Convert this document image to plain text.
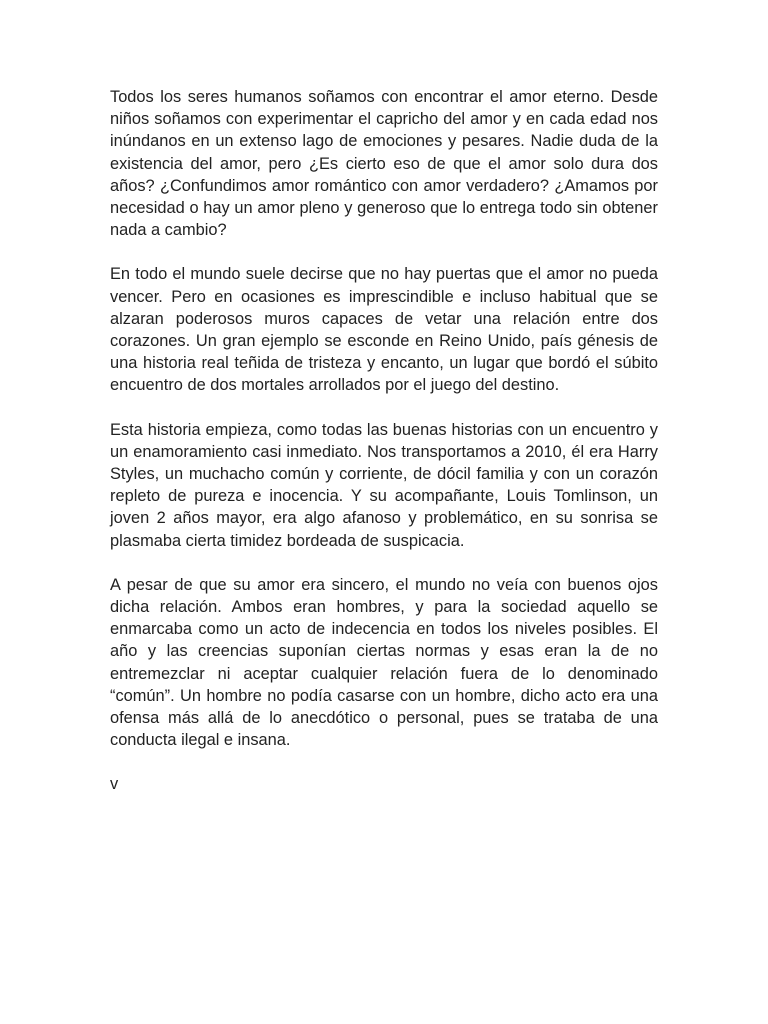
Todos los seres humanos soñamos con encontrar el amor eterno. Desde niños soñamos con experimentar el capricho del amor y en cada edad nos inúndanos en un extenso lago de emociones y pesares. Nadie duda de la existencia del amor, pero ¿Es cierto eso de que el amor solo dura dos años? ¿Confundimos amor romántico con amor verdadero? ¿Amamos por necesidad o hay un amor pleno y generoso que lo entrega todo sin obtener nada a cambio?

En todo el mundo suele decirse que no hay puertas que el amor no pueda vencer. Pero en ocasiones es imprescindible e incluso habitual que se alzaran poderosos muros capaces de vetar una relación entre dos corazones. Un gran ejemplo se esconde en Reino Unido, país génesis de una historia real teñida de tristeza y encanto, un lugar que bordó el súbito encuentro de dos mortales arrollados por el juego del destino.

Esta historia empieza, como todas las buenas historias con un encuentro y un enamoramiento casi inmediato. Nos transportamos a 2010, él era Harry Styles, un muchacho común y corriente, de dócil familia y con un corazón repleto de pureza e inocencia. Y su acompañante, Louis Tomlinson, un joven 2 años mayor, era algo afanoso y problemático, en su sonrisa se plasmaba cierta timidez bordeada de suspicacia.

A pesar de que su amor era sincero, el mundo no veía con buenos ojos dicha relación. Ambos eran hombres, y para la sociedad aquello se enmarcaba como un acto de indecencia en todos los niveles posibles. El año y las creencias suponían ciertas normas y esas eran la de no entremezclar ni aceptar cualquier relación fuera de lo denominado “común”. Un hombre no podía casarse con un hombre, dicho acto era una ofensa más allá de lo anecdótico o personal, pues se trataba de una conducta ilegal e insana.

v
